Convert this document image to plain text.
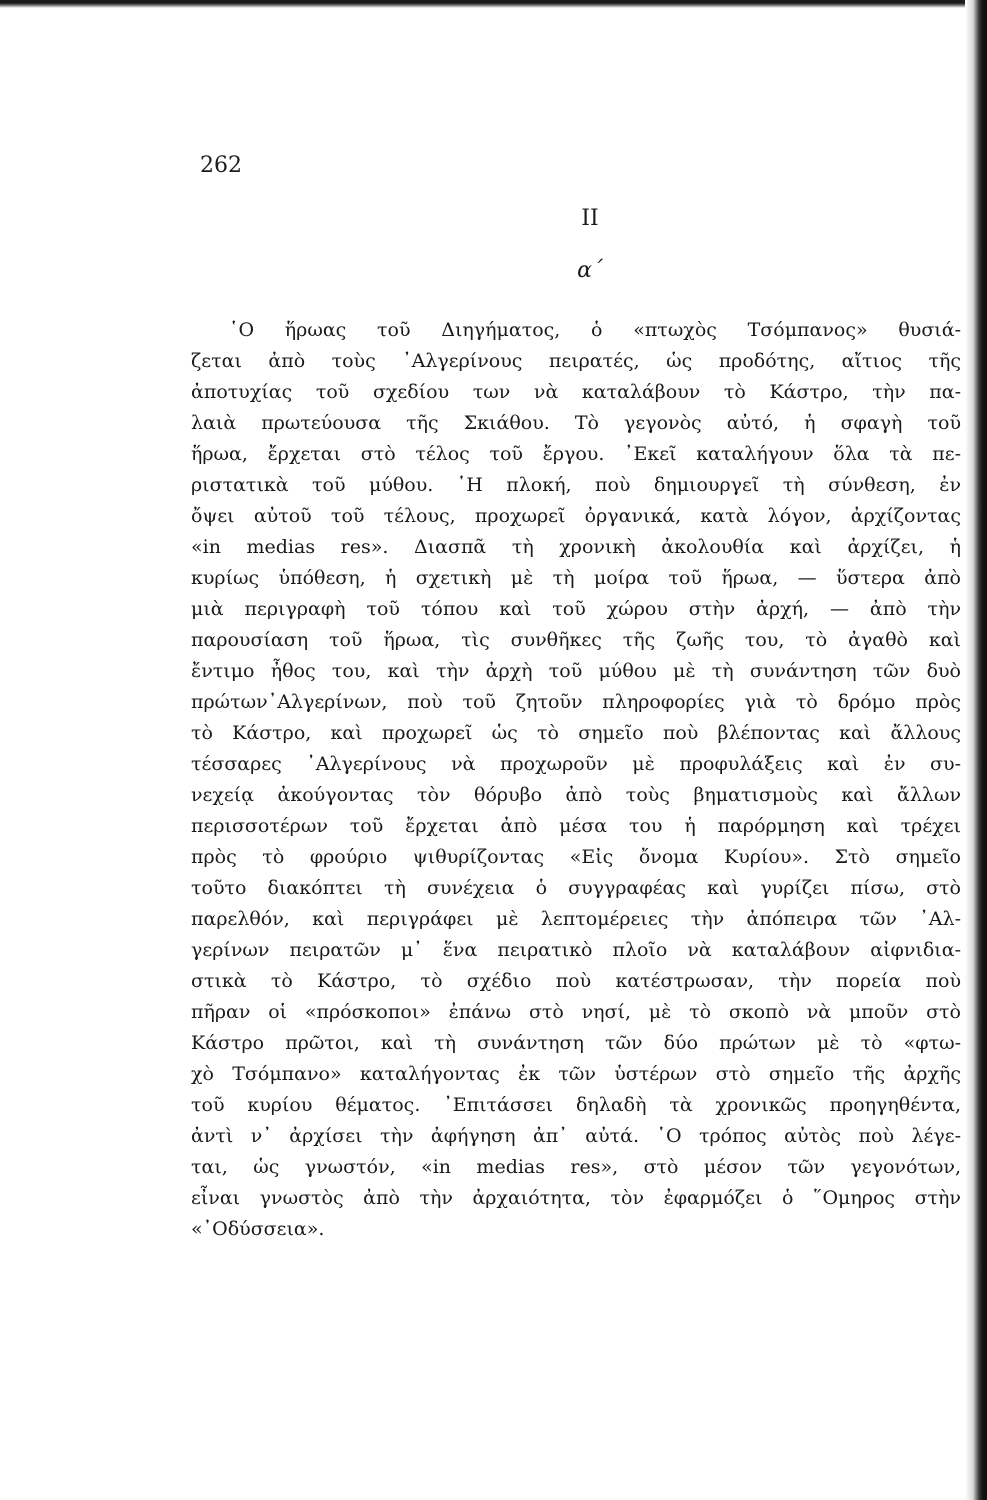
262

II

α΄

῾Ο ἥρωας τοῦ Διηγήματος, ὁ «πτωχὸς Τσόμπανος» θυσιά-
ζεται ἀπὸ τοὺς ᾿Αλγερίνους πειρατές, ὡς προδότης, αἴτιος τῆς
ἀποτυχίας τοῦ σχεδίου των νὰ καταλάβουν τὸ Κάστρο, τὴν πα-
λαιὰ πρωτεύουσα τῆς Σκιάθου. Τὸ γεγονὸς αὐτό, ἡ σφαγὴ τοῦ
ἥρωα, ἔρχεται στὸ τέλος τοῦ ἔργου. ᾿Εκεῖ καταλήγουν ὅλα τὰ πε-
ριστατικὰ τοῦ μύθου. ῾Η πλοκή, ποὺ δημιουργεῖ τὴ σύνθεση, ἐν
ὄψει αὐτοῦ τοῦ τέλους, προχωρεῖ ὀργανικά, κατὰ λόγον, ἀρχίζοντας
«in medias res». Διασπᾶ τὴ χρονικὴ ἀκολουθία καὶ ἀρχίζει, ἡ
κυρίως ὑπόθεση, ἡ σχετικὴ μὲ τὴ μοίρα τοῦ ἥρωα, — ὕστερα ἀπὸ
μιὰ περιγραφὴ τοῦ τόπου καὶ τοῦ χώρου στὴν ἀρχή, — ἀπὸ τὴν
παρουσίαση τοῦ ἥρωα, τὶς συνθῆκες τῆς ζωῆς του, τὸ ἀγαθὸ καὶ
ἔντιμο ἦθος του, καὶ τὴν ἀρχὴ τοῦ μύθου μὲ τὴ συνάντηση τῶν δυὸ
πρώτων᾿Αλγερίνων, ποὺ τοῦ ζητοῦν πληροφορίες γιὰ τὸ δρόμο πρὸς
τὸ Κάστρο, καὶ προχωρεῖ ὡς τὸ σημεῖο ποὺ βλέποντας καὶ ἄλλους
τέσσαρες ᾿Αλγερίνους νὰ προχωροῦν μὲ προφυλάξεις καὶ ἐν συ-
νεχείᾳ ἀκούγοντας τὸν θόρυβο ἀπὸ τοὺς βηματισμοὺς καὶ ἄλλων
περισσοτέρων τοῦ ἔρχεται ἀπὸ μέσα του ἡ παρόρμηση καὶ τρέχει
πρὸς τὸ φρούριο ψιθυρίζοντας «Εἰς ὄνομα Κυρίου». Στὸ σημεῖο
τοῦτο διακόπτει τὴ συνέχεια ὁ συγγραφέας καὶ γυρίζει πίσω, στὸ
παρελθόν, καὶ περιγράφει μὲ λεπτομέρειες τὴν ἀπόπειρα τῶν ᾿Αλ-
γερίνων πειρατῶν μ᾿ ἕνα πειρατικὸ πλοῖο νὰ καταλάβουν αἰφνιδια-
στικὰ τὸ Κάστρο, τὸ σχέδιο ποὺ κατέστρωσαν, τὴν πορεία ποὺ
πῆραν οἱ «πρόσκοποι» ἐπάνω στὸ νησί, μὲ τὸ σκοπὸ νὰ μποῦν στὸ
Κάστρο πρῶτοι, καὶ τὴ συνάντηση τῶν δύο πρώτων μὲ τὸ «φτω-
χὸ Τσόμπανο» καταλήγοντας ἐκ τῶν ὑστέρων στὸ σημεῖο τῆς ἀρχῆς
τοῦ κυρίου θέματος. ᾿Επιτάσσει δηλαδὴ τὰ χρονικῶς προηγηθέντα,
ἀντὶ ν᾿ ἀρχίσει τὴν ἀφήγηση ἀπ᾿ αὐτά. ῾Ο τρόπος αὐτὸς ποὺ λέγε-
ται, ὡς γνωστόν, «in medias res», στὸ μέσον τῶν γεγονότων,
εἶναι γνωστὸς ἀπὸ τὴν ἀρχαιότητα, τὸν ἐφαρμόζει ὁ ῞Ομηρος στὴν
«᾿Οδύσσεια».
